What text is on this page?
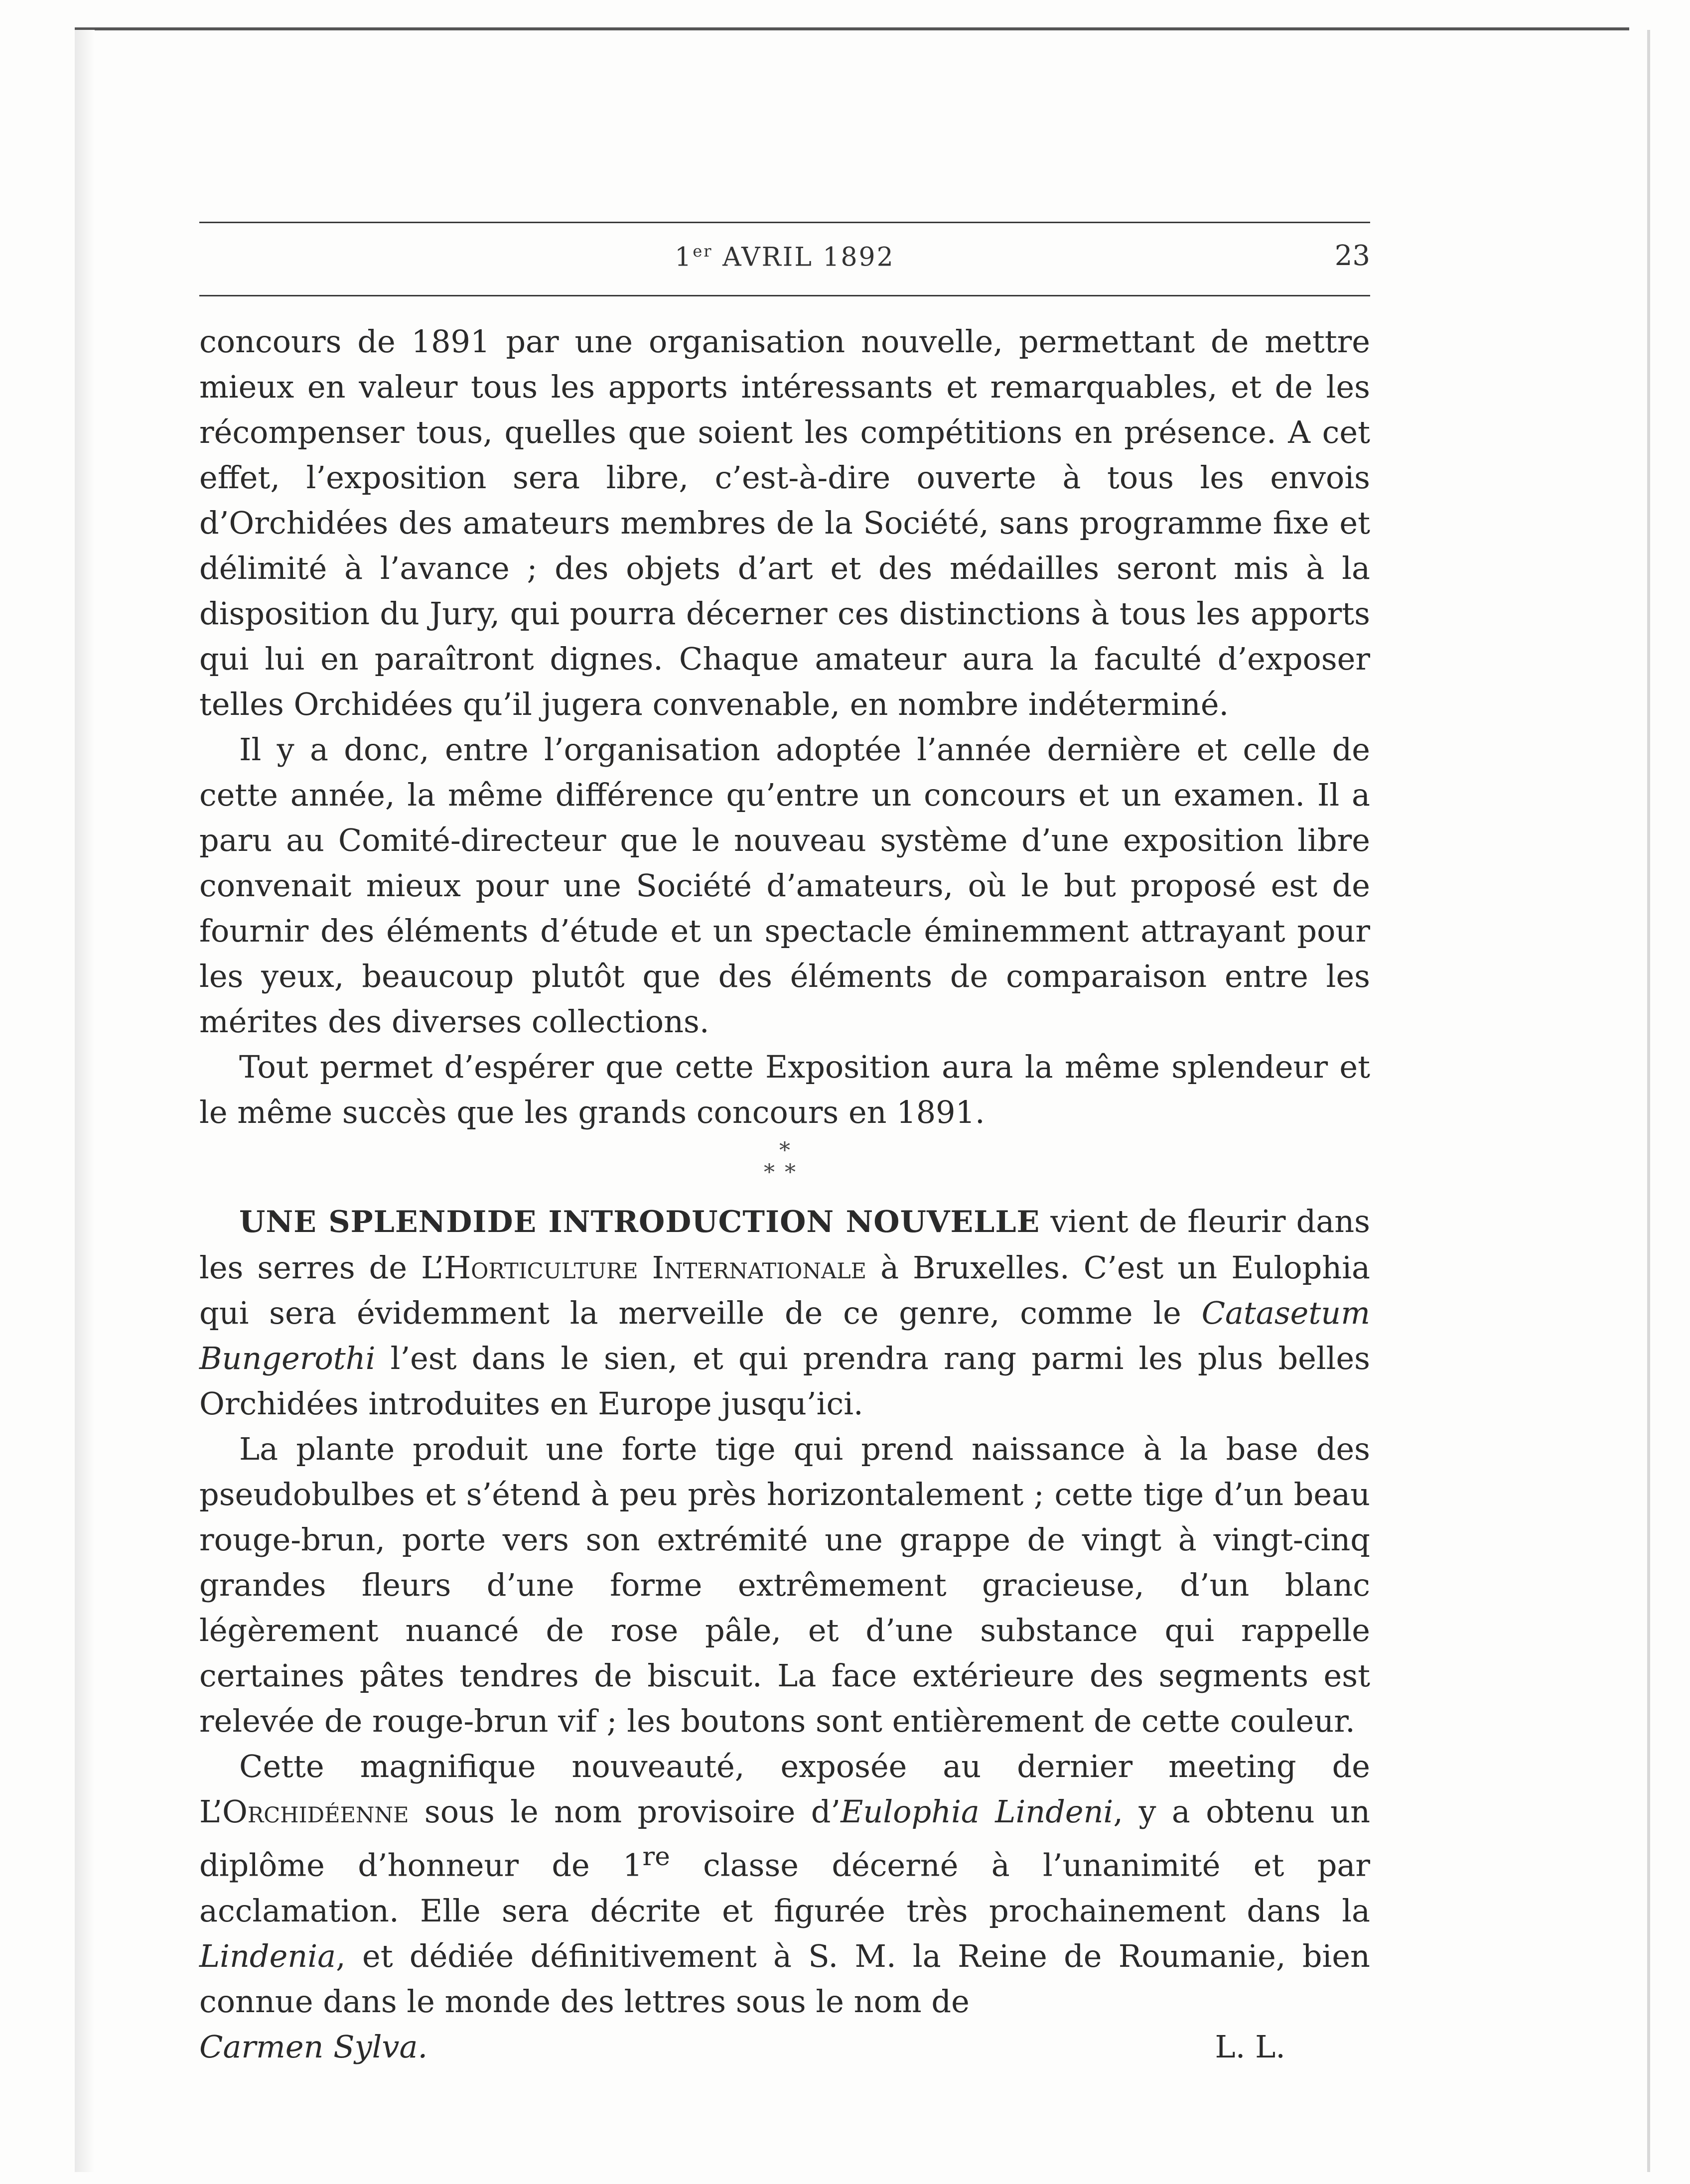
1er AVRIL 1892	23

concours de 1891 par une organisation nouvelle, permettant de mettre mieux en valeur tous les apports intéressants et remarquables, et de les récompenser tous, quelles que soient les compétitions en présence. A cet effet, l’exposition sera libre, c’est-à-dire ouverte à tous les envois d’Orchidées des amateurs membres de la Société, sans programme fixe et délimité à l’avance ; des objets d’art et des médailles seront mis à la disposition du Jury, qui pourra décerner ces distinctions à tous les apports qui lui en paraîtront dignes. Chaque amateur aura la faculté d’exposer telles Orchidées qu’il jugera convenable, en nombre indéterminé.

Il y a donc, entre l’organisation adoptée l’année dernière et celle de cette année, la même différence qu’entre un concours et un examen. Il a paru au Comité-directeur que le nouveau système d’une exposition libre convenait mieux pour une Société d’amateurs, où le but proposé est de fournir des éléments d’étude et un spectacle éminemment attrayant pour les yeux, beaucoup plutôt que des éléments de comparaison entre les mérites des diverses collections.

Tout permet d’espérer que cette Exposition aura la même splendeur et le même succès que les grands concours en 1891.

*
**

UNE SPLENDIDE INTRODUCTION NOUVELLE vient de fleurir dans les serres de L’Horticulture Internationale à Bruxelles. C’est un Eulophia qui sera évidemment la merveille de ce genre, comme le Catasetum Bungerothi l’est dans le sien, et qui prendra rang parmi les plus belles Orchidées introduites en Europe jusqu’ici.

La plante produit une forte tige qui prend naissance à la base des pseudobulbes et s’étend à peu près horizontalement ; cette tige d’un beau rouge-brun, porte vers son extrémité une grappe de vingt à vingt-cinq grandes fleurs d’une forme extrêmement gracieuse, d’un blanc légèrement nuancé de rose pâle, et d’une substance qui rappelle certaines pâtes tendres de biscuit. La face extérieure des segments est relevée de rouge-brun vif ; les boutons sont entièrement de cette couleur.

Cette magnifique nouveauté, exposée au dernier meeting de L’Orchidéenne sous le nom provisoire d’Eulophia Lindeni, y a obtenu un diplôme d’honneur de 1re classe décerné à l’unanimité et par acclamation. Elle sera décrite et figurée très prochainement dans la Lindenia, et dédiée définitivement à S. M. la Reine de Roumanie, bien connue dans le monde des lettres sous le nom de

Carmen Sylva.	L. L.
